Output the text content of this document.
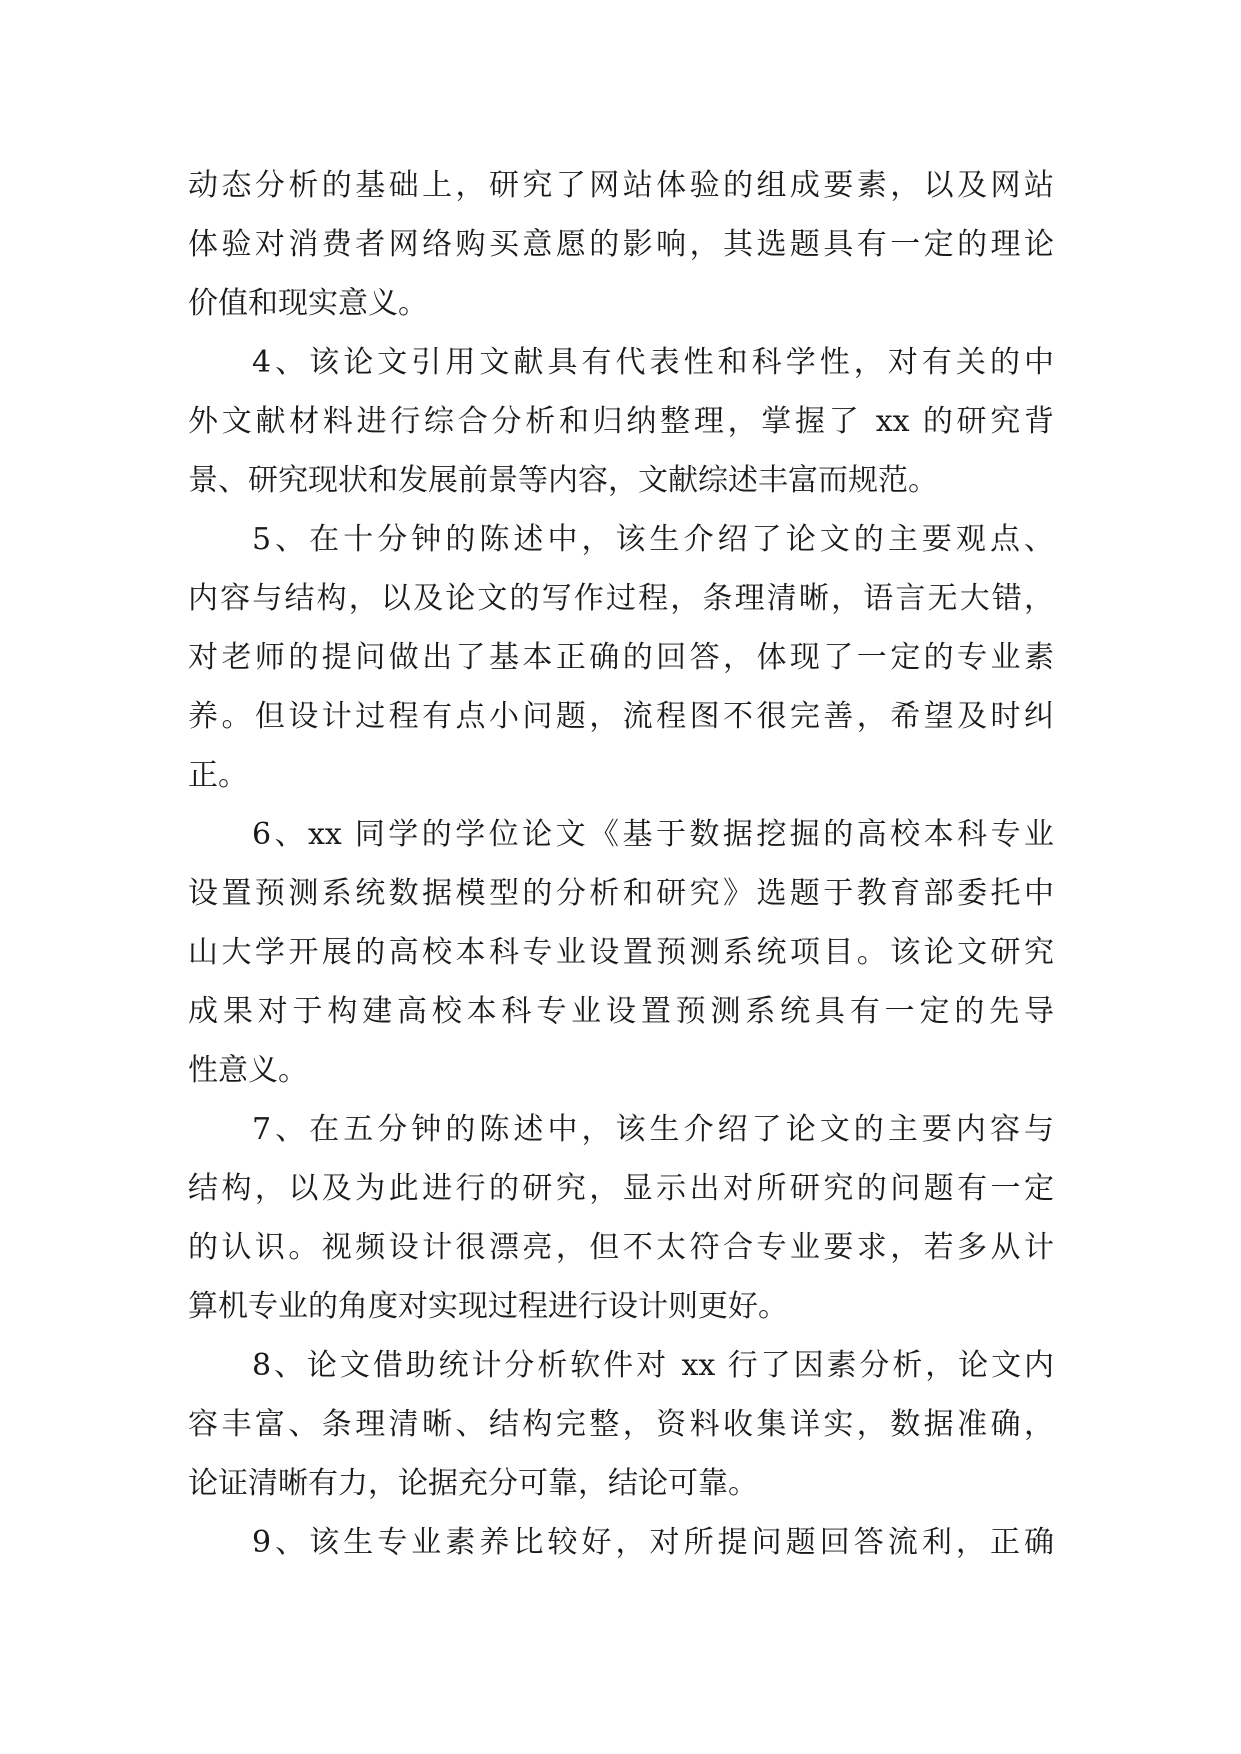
动态分析的基础上，研究了网站体验的组成要素，以及网站
体验对消费者网络购买意愿的影响，其选题具有一定的理论
价值和现实意义。
4、该论文引用文献具有代表性和科学性，对有关的中
外文献材料进行综合分析和归纳整理，掌握了 xx 的研究背
景、研究现状和发展前景等内容，文献综述丰富而规范。
5、在十分钟的陈述中，该生介绍了论文的主要观点、
内容与结构，以及论文的写作过程，条理清晰，语言无大错，
对老师的提问做出了基本正确的回答，体现了一定的专业素
养。但设计过程有点小问题，流程图不很完善，希望及时纠
正。
6、xx 同学的学位论文《基于数据挖掘的高校本科专业
设置预测系统数据模型的分析和研究》选题于教育部委托中
山大学开展的高校本科专业设置预测系统项目。该论文研究
成果对于构建高校本科专业设置预测系统具有一定的先导
性意义。
7、在五分钟的陈述中，该生介绍了论文的主要内容与
结构，以及为此进行的研究，显示出对所研究的问题有一定
的认识。视频设计很漂亮，但不太符合专业要求，若多从计
算机专业的角度对实现过程进行设计则更好。
8、论文借助统计分析软件对 xx 行了因素分析，论文内
容丰富、条理清晰、结构完整，资料收集详实，数据准确，
论证清晰有力，论据充分可靠，结论可靠。
9、该生专业素养比较好，对所提问题回答流利，正确
